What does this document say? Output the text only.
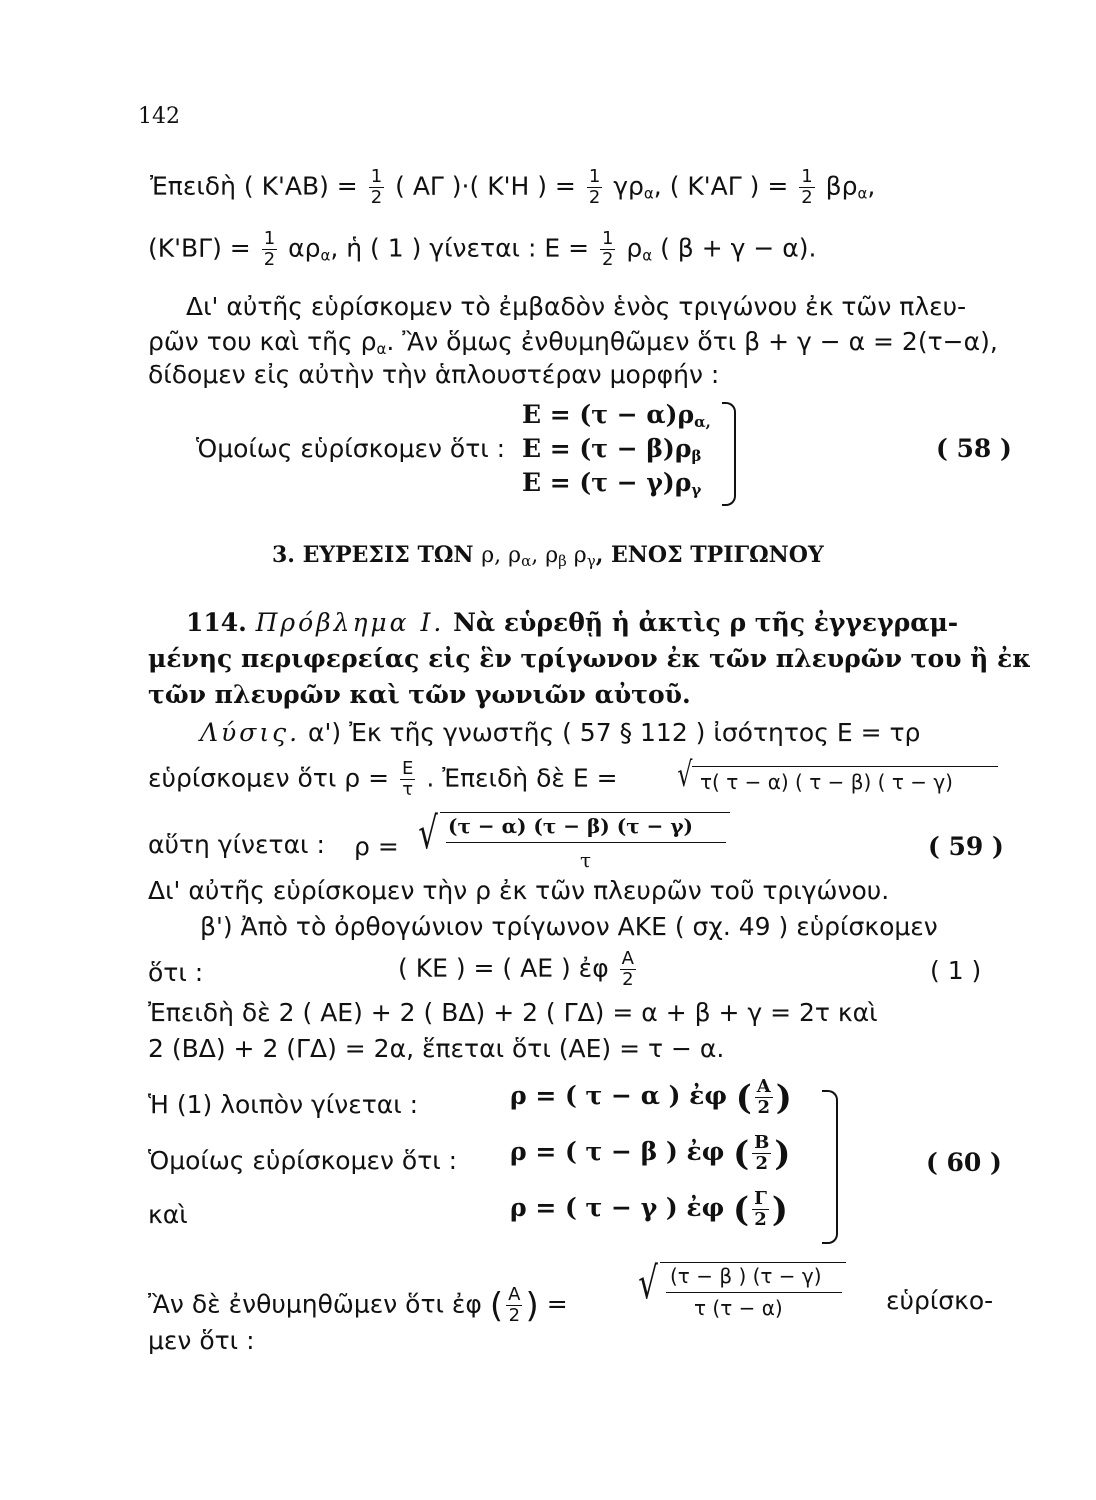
142
Ἐπειδὴ ( $K'AB) = \frac{1}{2}$ ( ΑΓ )·( Κ'Η ) = $\frac{1}{2} \gamma\rho_\alpha$, ( Κ'ΑΓ ) = $\frac{1}{2} \beta\rho_\alpha$,
$(K'B\Gamma) = \frac{1}{2} \alpha\rho_\alpha$, ἡ ( 1 ) γίνεται : $E = \frac{1}{2} \rho_\alpha$ ( β + γ − α).
Δι' αὐτῆς εὑρίσκομεν τὸ ἐμβαδὸν ἑνὸς τριγώνου ἐκ τῶν πλευ-
ρῶν του καὶ τῆς $\rho_\alpha$. Ἂν ὅμως ἐνθυμηθῶμεν ὅτι β + γ − α = 2(τ−α),
δίδομεν εἰς αὐτὴν τὴν ἁπλουστέραν μορφήν :
Ὁμοίως εὑρίσκομεν ὅτι :
$E = (\tau - \alpha)\rho_{\alpha,}$
$E = (\tau - \beta)\rho_\beta$
$E = (\tau - \gamma)\rho_\gamma$
( 58 )
3. ΕΥΡΕΣΙΣ ΤΩΝ ρ, $\rho_\alpha$, $\rho_\beta$ $\rho_\gamma$, ΕΝΟΣ ΤΡΙΓΩΝΟΥ
114. Πρόβλημα Ι. Νὰ εὑρεθῇ ἡ ἀκτὶς ρ τῆς ἐγγεγραμ-
μένης περιφερείας εἰς ἓν τρίγωνον ἐκ τῶν πλευρῶν του ἢ ἐκ
τῶν πλευρῶν καὶ τῶν γωνιῶν αὐτοῦ.
Λύσις. α') Ἐκ τῆς γνωστῆς ( 57 § 112 ) ἰσότητος Ε = τρ
εὑρίσκομεν ὅτι $\rho = \frac{E}{\tau}$ . Ἐπειδὴ δὲ Ε = √ τ( τ − α) ( τ − β) ( τ − γ)
αὕτη γίνεται : ρ = √ (τ − α) (τ − β) (τ − γ)
τ	( 59 )
Δι' αὐτῆς εὑρίσκομεν τὴν ρ ἐκ τῶν πλευρῶν τοῦ τριγώνου.
β') Ἀπὸ τὸ ὀρθογώνιον τρίγωνον ΑΚΕ ( σχ. 49 ) εὑρίσκομεν
ὅτι :	( ΚΕ ) = ( ΑΕ ) ἐφ $\frac{A}{2}$	( 1 )
Ἐπειδὴ δὲ 2 ( ΑΕ) + 2 ( ΒΔ) + 2 ( ΓΔ) = α + β + γ = 2τ καὶ
2 (ΒΔ) + 2 (ΓΔ) = 2α, ἕπεται ὅτι (ΑΕ) = τ − α.
Ἡ (1) λοιπὸν γίνεται :
Ὁμοίως εὑρίσκομεν ὅτι :
καὶ
ρ = ( τ − α ) ἐφ ( $\frac{A}{2}$ )
ρ = ( τ − β ) ἐφ ( $\frac{B}{2}$ )
ρ = ( τ − γ ) ἐφ ( $\frac{\Gamma}{2}$ )
( 60 )
Ἂν δὲ ἐνθυμηθῶμεν ὅτι ἐφ ( $\frac{A}{2}$ ) = √ (τ − β ) (τ − γ)
τ (τ − α)	εὑρίσκο-
μεν ὅτι :
